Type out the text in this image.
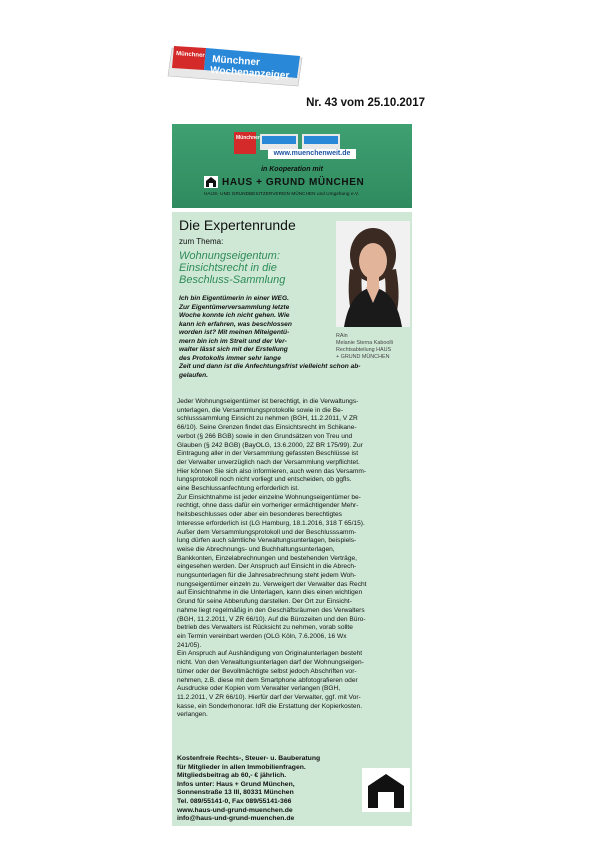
Münchner Münchner
Wochenanzeiger
Nr. 43 vom 25.10.2017
Münchner
www.muenchenweit.de
in Kooperation mit
HAUS + GRUND MÜNCHEN
HAUS- UND GRUNDBESITZERVEREIN MÜNCHEN und Umgebung e.V.
Die Expertenrunde
zum Thema:
Wohnungseigentum:
Einsichtsrecht in die
Beschluss-Sammlung
RAin
Melanie Sterna Kaboolli
Rechtsabteilung HAUS
+ GRUND MÜNCHEN
Ich bin Eigentümerin in einer WEG.
Zur Eigentümerversammlung letzte
Woche konnte ich nicht gehen. Wie
kann ich erfahren, was beschlossen
worden ist? Mit meinen Miteigentü-
mern bin ich im Streit und der Ver-
walter lässt sich mit der Erstellung
des Protokolls immer sehr lange
Zeit und dann ist die Anfechtungsfrist vielleicht schon ab-
gelaufen.
Jeder Wohnungseigentümer ist berechtigt, in die Verwaltungs-
unterlagen, die Versammlungsprotokolle sowie in die Be-
schlusssammlung Einsicht zu nehmen (BGH, 11.2.2011, V ZR
66/10). Seine Grenzen findet das Einsichtsrecht im Schikane-
verbot (§ 266 BGB) sowie in den Grundsätzen von Treu und
Glauben (§ 242 BGB) (BayOLG, 13.6.2000, 2Z BR 175/99). Zur
Eintragung aller in der Versammlung gefassten Beschlüsse ist
der Verwalter unverzüglich nach der Versammlung verpflichtet.
Hier können Sie sich also informieren, auch wenn das Versamm-
lungsprotokoll noch nicht vorliegt und entscheiden, ob ggfls.
eine Beschlussanfechtung erforderlich ist.
Zur Einsichtnahme ist jeder einzelne Wohnungseigentümer be-
rechtigt, ohne dass dafür ein vorheriger ermächtigender Mehr-
heitsbeschlusses oder aber ein besonderes berechtigtes
Interesse erforderlich ist (LG Hamburg, 18.1.2016, 318 T 65/15).
Außer dem Versammlungsprotokoll und der Beschlusssamm-
lung dürfen auch sämtliche Verwaltungsunterlagen, beispiels-
weise die Abrechnungs- und Buchhaltungsunterlagen,
Bankkonten, Einzelabrechnungen und bestehenden Verträge,
eingesehen werden. Der Anspruch auf Einsicht in die Abrech-
nungsunterlagen für die Jahresabrechnung steht jedem Woh-
nungseigentümer einzeln zu. Verweigert der Verwalter das Recht
auf Einsichtnahme in die Unterlagen, kann dies einen wichtigen
Grund für seine Abberufung darstellen. Der Ort zur Einsicht-
nahme liegt regelmäßig in den Geschäftsräumen des Verwalters
(BGH, 11.2.2011, V ZR 66/10). Auf die Bürozeiten und den Büro-
betrieb des Verwalters ist Rücksicht zu nehmen, vorab sollte
ein Termin vereinbart werden (OLG Köln, 7.6.2006, 16 Wx
241/05).
Ein Anspruch auf Aushändigung von Originalunterlagen besteht
nicht. Von den Verwaltungsunterlagen darf der Wohnungseigen-
tümer oder der Bevollmächtigte selbst jedoch Abschriften vor-
nehmen, z.B. diese mit dem Smartphone abfotografieren oder
Ausdrucke oder Kopien vom Verwalter verlangen (BGH,
11.2.2011, V ZR 66/10). Hierfür darf der Verwalter, ggf. mit Vor-
kasse, ein Sonderhonorar. IdR die Erstattung der Kopierkosten.
verlangen.
Kostenfreie Rechts-, Steuer- u. Bauberatung
für Mitglieder in allen Immobilienfragen.
Mitgliedsbeitrag ab 60,- € jährlich.
Infos unter: Haus + Grund München,
Sonnenstraße 13 III, 80331 München
Tel. 089/55141-0, Fax 089/55141-366
www.haus-und-grund-muenchen.de
info@haus-und-grund-muenchen.de
